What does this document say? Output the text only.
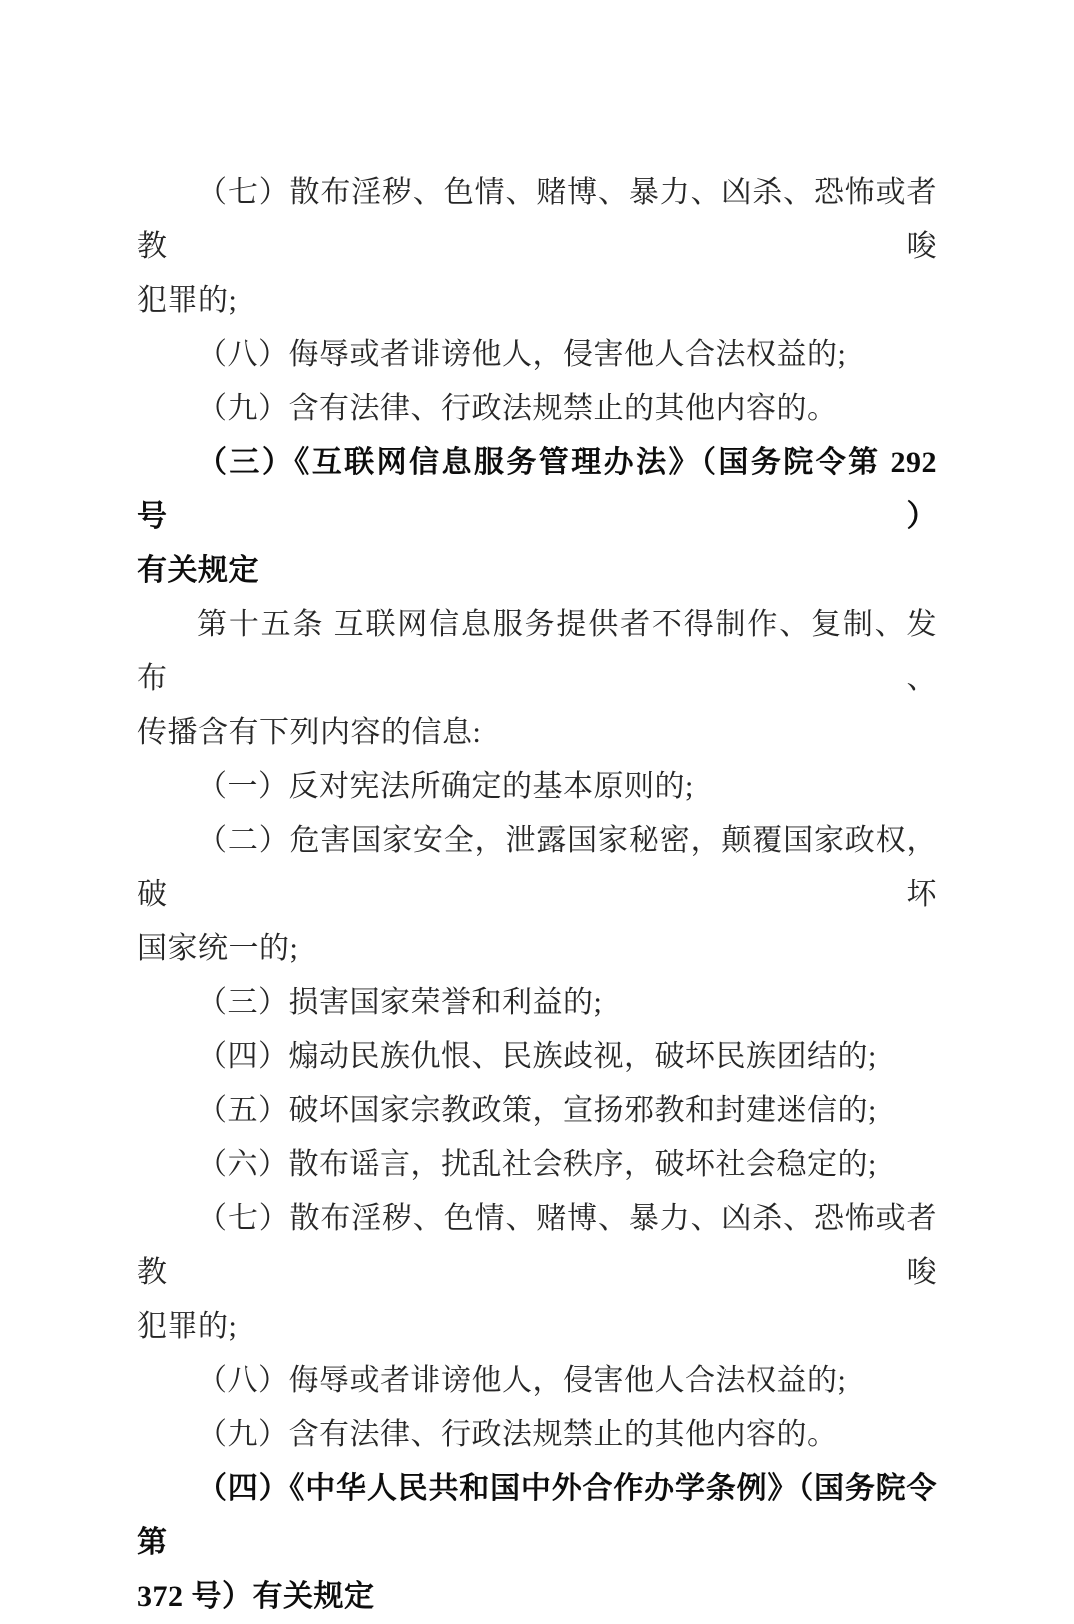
（七）散布淫秽、色情、赌博、暴力、凶杀、恐怖或者教唆
犯罪的;
（八）侮辱或者诽谤他人，侵害他人合法权益的;
（九）含有法律、行政法规禁止的其他内容的。
（三）《互联网信息服务管理办法》（国务院令第 292 号）
有关规定
第十五条 互联网信息服务提供者不得制作、复制、发布、
传播含有下列内容的信息:
（一）反对宪法所确定的基本原则的;
（二）危害国家安全，泄露国家秘密，颠覆国家政权，破坏
国家统一的;
（三）损害国家荣誉和利益的;
（四）煽动民族仇恨、民族歧视，破坏民族团结的;
（五）破坏国家宗教政策，宣扬邪教和封建迷信的;
（六）散布谣言，扰乱社会秩序，破坏社会稳定的;
（七）散布淫秽、色情、赌博、暴力、凶杀、恐怖或者教唆
犯罪的;
（八）侮辱或者诽谤他人，侵害他人合法权益的;
（九）含有法律、行政法规禁止的其他内容的。
（四）《中华人民共和国中外合作办学条例》（国务院令第
372 号）有关规定
